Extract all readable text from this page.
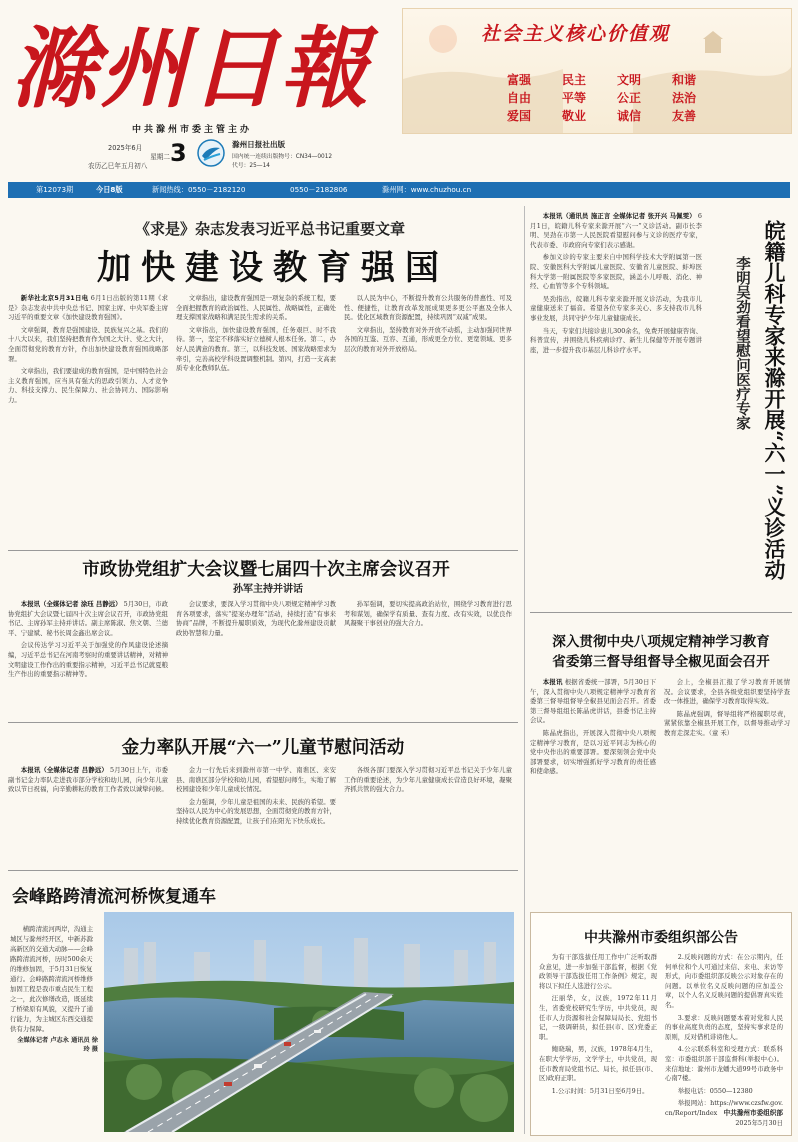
滁州日報
中共滁州市委主管主办
2025年6月
星期二
农历乙巳年五月初八 3	滁州日报社出版
国内统一连续出版物号：CN34—0012
代号：25—14
社会主义核心价值观
富强	民主	文明	和谐
自由	平等	公正	法治
爱国	敬业	诚信	友善
第12073期	今日8版	新闻热线：0550－2182120	0550－2182806	滁州网：www.chuzhou.cn
《求是》杂志发表习近平总书记重要文章
加快建设教育强国

新华社北京5月31日电 6月1日出版的第11期《求是》杂志发表中共中央总书记、国家主席、中央军委主席习近平的重要文章《加快建设教育强国》。

文章强调，教育是强国建设、民族复兴之基。我们的十八大以来，我们坚持把教育作为国之大计、党之大计，全面贯彻党的教育方针，作出加快建设教育强国战略部署。

文章指出，我们要建成的教育强国，是中国特色社会主义教育强国，应当具有强大的思政引领力、人才竞争力、科技支撑力、民生保障力、社会协同力、国际影响力。

文章指出，建设教育强国是一项复杂的系统工程，要全面把握教育的政治属性、人民属性、战略属性，正确处理支撑国家战略和满足民生需求的关系。

文章指出，加快建设教育强国，任务艰巨、时不我待。第一，坚定不移落实好立德树人根本任务。第二，办好人民满意的教育。第三，以科技发展、国家战略需求为牵引，完善高校学科设置调整机制。第四，打造一支高素质专业化教师队伍。

以人民为中心，不断提升教育公共服务的普惠性、可及性、便捷性，让教育改革发展成果更多更公平惠及全体人民。优化区域教育资源配置，持续巩固“双减”成果。

文章指出，坚持教育对外开放不动摇，主动加强同世界各国的互鉴、互容、互通，形成更全方位、更宽领域、更多层次的教育对外开放格局。

市政协党组扩大会议暨七届四十次主席会议召开
孙军主持并讲话

本报讯（全媒体记者 涂珏 吕静远） 5月30日，市政协党组扩大会议暨七届四十次主席会议召开，市政协党组书记、主席孙军主持并讲话。副主席陈淑、焦文朝、兰德平、宁建斌、秘书长周金鑫出席会议。

会议传达学习习近平关于加强党的作风建设论述摘编，习近平总书记在河南考察时的重要讲话精神，对精神文明建设工作作出的重要指示精神，习近平总书记就夏粮生产作出的重要指示精神等。

会议要求，要深入学习贯彻中央八项规定精神学习教育各项要求，落实“提案办理年”活动，持续打造“有事来协商”品牌，不断提升履职质效，为现代化滁州建设贡献政协智慧和力量。

孙军强调，要切实提高政治站位，围绕学习教育进行思考和谋划，确保学有质量、查有力度、改有实效，以优良作风凝聚干事创业的强大合力。

金力率队开展“六一”儿童节慰问活动

本报讯（全媒体记者 吕静远） 5月30日上午，市委副书记金力率队走进我市部分学校和幼儿园，向少年儿童致以节日祝福，向辛勤耕耘的教育工作者致以诚挚问候。

金力一行先后来到滁州市第一中学、南谯区、来安县、南谯区部分学校和幼儿园，看望慰问师生，实地了解校园建设和少年儿童成长情况。

金力强调，少年儿童是祖国的未来、民族的希望。要坚持以人民为中心的发展思想，全面贯彻党的教育方针，持续优化教育资源配置，让孩子们在阳光下快乐成长。

各级各部门要深入学习贯彻习近平总书记关于少年儿童工作的重要论述，为少年儿童健康成长营造良好环境，凝聚齐抓共管的强大合力。

会峰路跨清流河桥恢复通车
横跨清流河两岸，沟通主城区与滁州经开区，中新苏滁高新区的交通大动脉——会峰路跨清流河桥，历时500余天的维修加固，于5月31日恢复通行。会峰路跨清流河桥维修加固工程是我市重点民生工程之一，此次修缮改造，既延续了桥梁原有风貌，又提升了通行能力，为主城区东西交通提供有力保障。
全媒体记者 卢志永 通讯员 徐 玲 摄

本报讯（通讯员 施正言 全媒体记者 张开兴 马佩雯） 6月1日，皖籍儿科专家来滁开展“六一”义诊活动。副市长李明、吴劲在市第一人民医院看望慰问参与义诊的医疗专家，代表市委、市政府向专家们表示感谢。

参加义诊的专家主要来自中国科学技术大学附属第一医院、安徽医科大学附属儿童医院、安徽省儿童医院、蚌埠医科大学第一附属医院等多家医院，涵盖小儿呼吸、消化、神经、心血管等多个专科领域。

吴劲指出，皖籍儿科专家来滁开展义诊活动，为我市儿童健康送来了福音。希望各位专家多关心、多支持我市儿科事业发展，共同守护少年儿童健康成长。

当天，专家们共接诊患儿300余名，免费开展健康咨询、科普宣传，并围绕儿科疾病诊疗、新生儿保健等开展专题讲座，进一步提升我市基层儿科诊疗水平。	皖籍儿科专家来滁开展“六一”义诊活动
李明吴劲看望慰问医疗专家
深入贯彻中央八项规定精神学习教育
省委第三督导组督导全椒见面会召开

本报讯 根据省委统一部署，5月30日下午，深入贯彻中央八项规定精神学习教育省委第三督导组督导全椒县见面会召开。省委第三督导组组长陈晶虎讲话，县委书记主持会议。

陈晶虎指出，开展深入贯彻中央八项规定精神学习教育，是以习近平同志为核心的党中央作出的重要部署。要深刻领会党中央部署要求，切实增强抓好学习教育的责任感和使命感。

会上，全椒县汇报了学习教育开展情况。会议要求，全县各级党组织要坚持学查改一体推进，确保学习教育取得实效。

陈晶虎强调，督导组将严格履职尽责，紧紧依靠全椒县开展工作，以督导推动学习教育走深走实。（童 禾）

中共滁州市委组织部公告

为有干部选拔任用工作中广泛听取群众意见，进一步加强干部监督，根据《党政领导干部选拔任用工作条例》规定，现将以下拟任人选进行公示。

汪丽华，女，汉族，1972年11月生，省委党校研究生学历，中共党员，现任市人力资源和社会保障局局长、党组书记，一级调研员，拟任县(市、区)党委正职。

鲍晓瑞，男，汉族，1978年4月生，在职大学学历，文学学士，中共党员，现任市教育局党组书记、局长，拟任县(市、区)政府正职。

1.公示时间：5月31日至6月9日。

2.反映问题的方式：在公示期内，任何单位和个人可通过来信、来电、来访等形式，向市委组织部反映公示对象存在的问题。以单位名义反映问题的应加盖公章，以个人名义反映问题的提倡署真实姓名。

3.要求：反映问题要本着对党和人民的事业高度负责的态度，坚持实事求是的原则，反对借机诽谤他人。

4.公示联系科室和受理方式：联系科室：市委组织部干部监督科(举报中心)。来信地址：滁州市龙蟠大道99号市政务中心南7楼。

举报电话：0550—12380

举报网站：https://www.czsfw.gov.cn/Report/Index 中共滁州市委组织部
2025年5月30日
